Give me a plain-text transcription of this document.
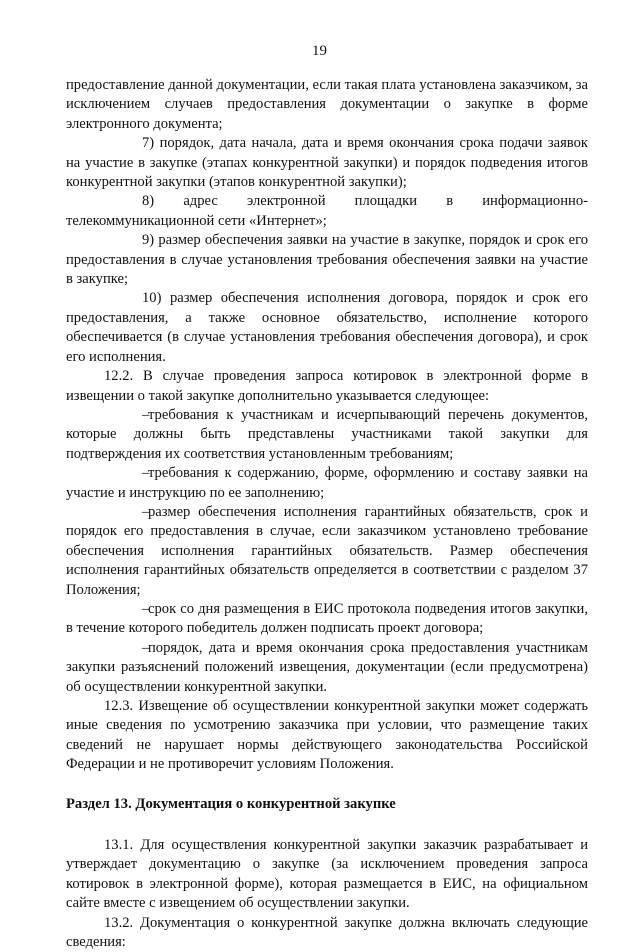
19

предоставление данной документации, если такая плата установлена заказчиком, за исключением случаев предоставления документации о закупке в форме электронного документа;

7) порядок, дата начала, дата и время окончания срока подачи заявок на участие в закупке (этапах конкурентной закупки) и порядок подведения итогов конкурентной закупки (этапов конкурентной закупки);

8) адрес электронной площадки в информационно-телекоммуникационной сети «Интернет»;

9) размер обеспечения заявки на участие в закупке, порядок и срок его предоставления в случае установления требования обеспечения заявки на участие в закупке;

10) размер обеспечения исполнения договора, порядок и срок его предоставления, а также основное обязательство, исполнение которого обеспечивается (в случае установления требования обеспечения договора), и срок его исполнения.

12.2. В случае проведения запроса котировок в электронной форме в извещении о такой закупке дополнительно указывается следующее:

–требования к участникам и исчерпывающий перечень документов, которые должны быть представлены участниками такой закупки для подтверждения их соответствия установленным требованиям;

–требования к содержанию, форме, оформлению и составу заявки на участие и инструкцию по ее заполнению;

–размер обеспечения исполнения гарантийных обязательств, срок и порядок его предоставления в случае, если заказчиком установлено требование обеспечения исполнения гарантийных обязательств. Размер обеспечения исполнения гарантийных обязательств определяется в соответствии с разделом 37 Положения;

–срок со дня размещения в ЕИС протокола подведения итогов закупки, в течение которого победитель должен подписать проект договора;

–порядок, дата и время окончания срока предоставления участникам закупки разъяснений положений извещения, документации (если предусмотрена) об осуществлении конкурентной закупки.

12.3. Извещение об осуществлении конкурентной закупки может содержать иные сведения по усмотрению заказчика при условии, что размещение таких сведений не нарушает нормы действующего законодательства Российской Федерации и не противоречит условиям Положения.

Раздел 13. Документация о конкурентной закупке

13.1. Для осуществления конкурентной закупки заказчик разрабатывает и утверждает документацию о закупке (за исключением проведения запроса котировок в электронной форме), которая размещается в ЕИС, на официальном сайте вместе с извещением об осуществлении закупки.

13.2. Документация о конкурентной закупке должна включать следующие сведения:
